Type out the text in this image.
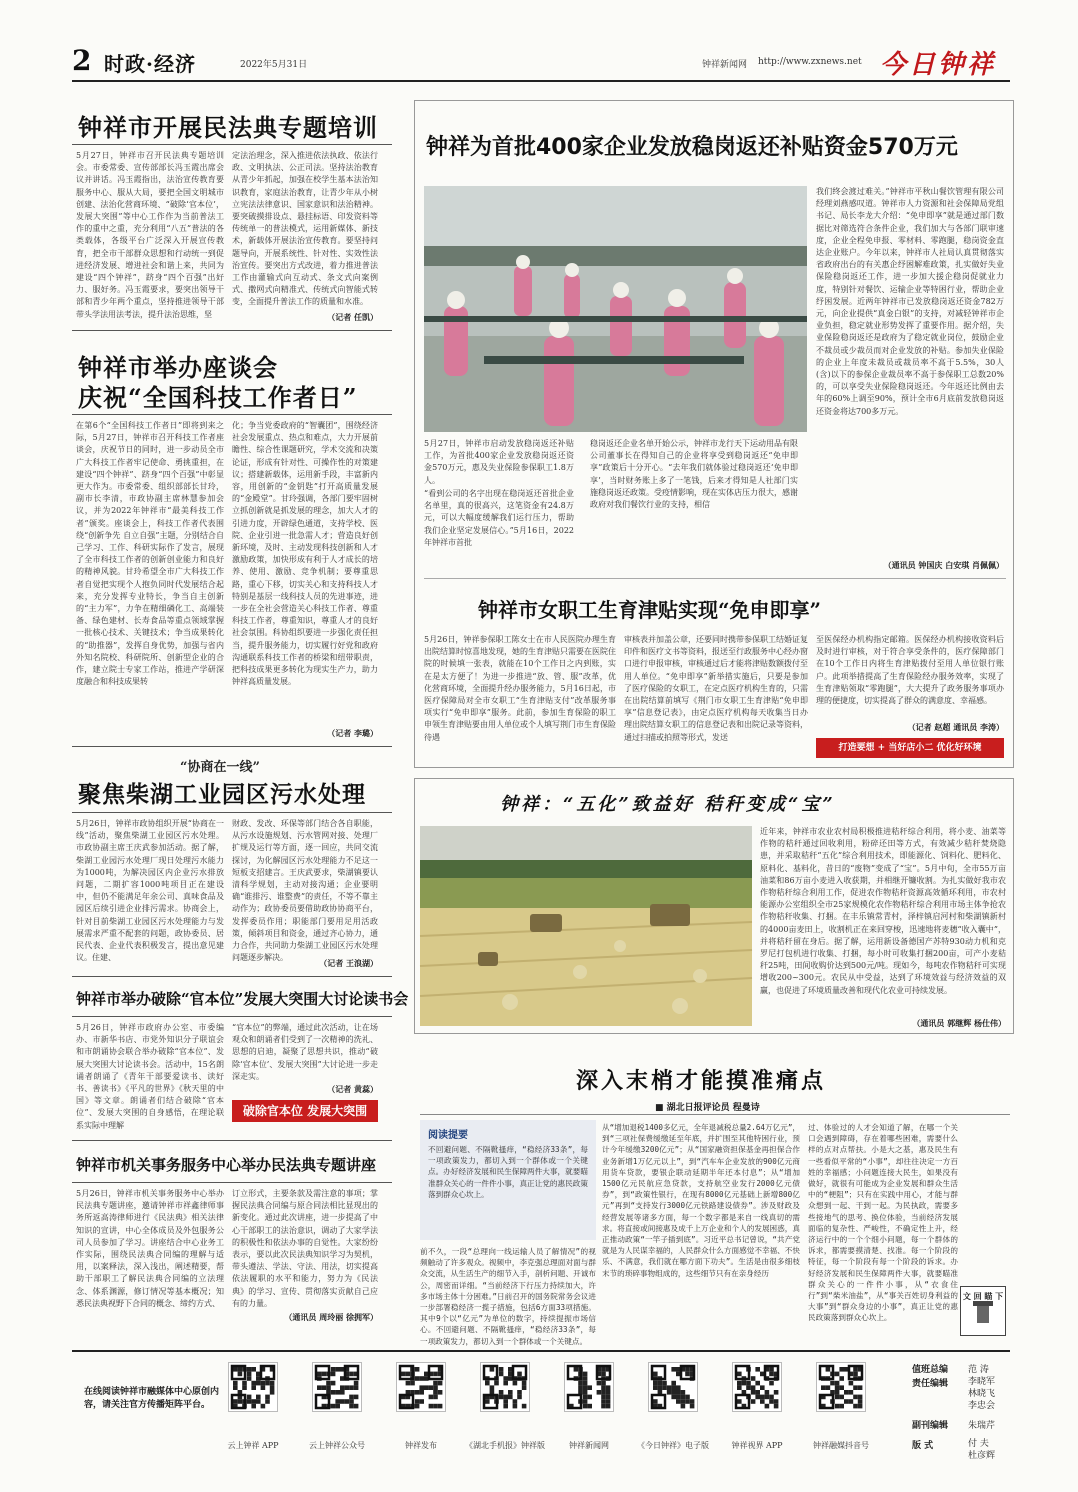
2 时政·经济	2022年5月31日	钟祥新闻网 http://www.zxnews.net 今日钟祥
钟祥市开展民法典专题培训
5月27日，钟祥市召开民法典专题培训会。市委常委、宣传部部长冯玉霞出席会议并讲话。冯玉霞指出，法治宣传教育要服务中心、服从大局，要把全国文明城市创建、法治化营商环境、“破除‘官本位’，发展大突围”等中心工作作为当前普法工作的重中之重，充分利用“八五”普法的各类载体，各级平台广泛深入开展宣传教育，把全市干部群众思想和行动统一到促进经济发展、增进社会和谐上来，共同为建设“四个钟祥”，跻身“四个百强”出好力、服好务。冯玉霞要求，要突出领导干部和青少年两个重点，坚持推进领导干部带头学法用法考法，提升法治思维，坚
定法治理念，深入推进依法执政、依法行政、文明执法、公正司法。坚持法治教育从青少年抓起，加强在校学生基本法治知识教育，家庭法治教育，让青少年从小树立宪法法律意识、国家意识和法治精神。要突破摸排设点、悬挂标语、印发资料等传统单一的普法模式，运用新媒体、新技术，新载体开展法治宣传教育。要坚持问题导向，开展系统性、针对性、实效性法治宣传。要突出方式改进，着力推进普法工作由灌输式向互动式、条文式向案例式、撒网式向精准式、传统式向智能式转变，全面提升普法工作的质量和水准。
（记者 任凯）
钟祥市举办座谈会
庆祝“全国科技工作者日”
在第6个“全国科技工作者日”即将到来之际，5月27日，钟祥市召开科技工作者座谈会，庆祝节日的同时，进一步动员全市广大科技工作者牢记使命、勇挑重担，在建设“四个钟祥”、跻身“四个百强”中彰显更大作为。市委常委、组织部部长甘玲，副市长李清，市政协副主席林慧参加会议，并为2022年钟祥市“最美科技工作者”颁奖。座谈会上，科技工作者代表围绕“创新争先 自立自强”主题，分别结合自己学习、工作、科研实际作了发言，展现了全市科技工作者的创新创业能力和良好的精神风貌。甘玲希望全市广大科技工作者自觉把实现个人抱负同时代发展结合起来，充分发挥专业特长，争当自主创新的“主力军”，力争在精细磷化工、高端装备、绿色建材、长寿食品等重点领域掌握一批核心技术、关键技术；争当成果转化的“助推器”，发挥自身优势，加强与省内外知名院校、科研院所、创新型企业的合作，建立院士专家工作站，推进产学研深度融合和科技成果转
化；争当党委政府的“智囊团”，围绕经济社会发展重点、热点和难点，大力开展前瞻性、综合性课题研究，学术交流和决策论证，形成有针对性、可操作性的对策建议；搭建新载体，运用新手段，丰富新内容，用创新的“金钥匙”打开高质量发展的“金殿堂”。甘玲强调，各部门要牢固树立抓创新就是抓发展的理念，加大人才的引进力度，开辟绿色通道，支持学校、医院、企业引进一批急需人才；营造良好创新环境，及时、主动发现科技创新和人才激励政策，加快形成有利于人才成长的培养、使用、激励、竞争机制；要尊重思路，重心下移，切实关心和支持科技人才特别是基层一线科技人员的先进事迹，进一步在全社会营造关心科技工作者、尊重科技工作者，尊重知识，尊重人才的良好社会氛围。科协组织要进一步强化责任担当，提升服务能力，切实履行好党和政府沟通联系科技工作者的桥梁和纽带职责，把科技成果更多转化为现实生产力，助力钟祥高质量发展。
（记者 李璐）
“协商在一线”
聚焦柴湖工业园区污水处理
5月26日，钟祥市政协组织开展“协商在一线”活动，聚焦柴湖工业园区污水处理。市政协副主席王庆武参加活动。据了解，柴湖工业园污水处理厂现日处理污水能力为1000吨，为解决园区内企业污水排放问题，二期扩容1000吨项目正在建设中，但仍不能满足年余公司、真味食品及园区后续引进企业排污需求。协商会上，针对目前柴湖工业园区污水处理能力与发展需求严重不配套的问题，政协委员、居民代表、企业代表积极发言，提出意见建议。住建、
财政、发改、环保等部门结合各自职能，从污水设施规划、污水管网对接、处理厂扩规及运行等方面，逐一回应，共同交流探讨，为化解园区污水处理能力不足这一短板支招建言。王庆武要求，柴湖镇要认清科学规划，主动对接沟通；企业要明确“谁排污、谁整费”的责任，不等不靠主动作为；政协委员要借助政协协商平台，发挥委员作用；职能部门要用足用活政策，倾斜项目和资金，通过齐心协力，通力合作，共同助力柴湖工业园区污水处理问题逐步解决。
（记者 王浪湖）
钟祥市举办破除“官本位”发展大突围大讨论读书会
5月26日，钟祥市政府办公室、市委编办、市新华书店、市党外知识分子联谊会和市朗诵协会联合举办破除“官本位”、发展大突围大讨论读书会。活动中，15名朗诵者朗诵了《青年干部要爱读书、读好书、善读书》《平凡的世界》《秋天里的中国》等文章。朗诵者们结合破除“官本位”、发展大突围的自身感悟，在理论联系实际中理解
“官本位”的弊端，通过此次活动，让在场观众和朗诵者们受到了一次精神的洗礼、思想的启迪，凝聚了思想共识，推动“破除‘官本位’、发展大突围”大讨论进一步走深走实。
（记者 黄蕊）
破除官本位 发展大突围
钟祥市机关事务服务中心举办民法典专题讲座
5月26日，钟祥市机关事务服务中心举办民法典专题讲座，邀请钟祥市祥鑫律师事务所返高涛律师进行《民法典》相关法律知识的宣讲，中心全体成员及外包服务公司人员参加了学习。讲座结合中心业务工作实际，围绕民法典合同编的理解与适用，以案释法，深入浅出，阐述精要，帮助干部职工了解民法典合同编的立法理念、体系渊源，修订情况等基本概况；知悉民法典视野下合同的概念、缔约方式、
订立形式，主要条款及需注意的事项；掌握民法典合同编与原合同法相比显现出的新变化。通过此次讲座，进一步提高了中心干部职工的法治意识，调动了大家学法的积极性和依法办事的自觉性。大家纷纷表示，要以此次民法典知识学习为契机，带头遵法、学法、守法、用法，切实提高依法履职的水平和能力，努力为《民法典》的学习、宣传、贯彻落实贡献自己应有的力量。
（通讯员 周玲丽 徐拥军）
钟祥为首批400家企业发放稳岗返还补贴资金570万元
5月27日，钟祥市启动发放稳岗返还补贴工作，为首批400家企业发放稳岗返还资金570万元，惠及失业保险参保职工1.8万人。
“看到公司的名字出现在稳岗返还首批企业名单里，真的很高兴，这笔资金有24.8万元，可以大幅度缓解我们运行压力，帮助我们企业坚定发展信心。”5月16日，2022年钟祥市首批
稳岗返还企业名单开始公示，钟祥市龙行天下运动用品有限公司董事长在得知自己的企业将享受到稳岗返还“免申即享”政策后十分开心。“去年我们就体验过稳岗返还‘免申即享’，当时财务账上多了一笔钱，后来才得知是人社部门实施稳岗返还政策。受疫情影响，现在实体店压力很大，感谢政府对我们餐饮行业的支持，相信
我们终会渡过难关。”钟祥市平秋山餐饮管理有限公司经理刘燕感叹道。钟祥市人力资源和社会保障局党组书记、局长李龙大介绍：“免申即享”就是通过部门数据比对筛选符合条件企业，我们加大与各部门联审速度，企业全程免申报、零材料、零跑腿，稳岗资金直达企业账户。今年以来，钟祥市人社局认真贯彻落实省政府出台的有关惠企纾困解难政策，扎实做好失业保险稳岗返还工作，进一步加大援企稳岗促就业力度，特别针对餐饮、运输企业等特困行业，帮助企业纾困发展。近两年钟祥市已发放稳岗返还资金782万元，向企业提供“真金白银”的支持，对减轻钟祥市企业负担，稳定就业形势发挥了重要作用。据介绍，失业保险稳岗返还是政府为了稳定就业岗位，鼓励企业不裁员或少裁员而对企业发放的补贴。参加失业保险的企业上年度未裁员或裁员率不高于5.5%，30人(含)以下的参保企业裁员率不高于参保职工总数20%的，可以享受失业保险稳岗返还。今年返还比例由去年的60%上调至90%，预计全市6月底前发放稳岗返还资金将达700多万元。
（通讯员 钟国庆 白安琪 肖佩佩）
钟祥市女职工生育津贴实现“免申即享”
5月26日，钟祥参保职工陈女士在市人民医院办理生育出院结算时惊喜地发现，她的生育津贴只需要在医院住院的时候填一张表，就能在10个工作日之内到账，实在是太方便了！为进一步推进“放、管、服”改革，优化营商环境，全面提升经办服务能力，5月16日起，市医疗保障局对全市女职工“生育津贴支付”改革服务事项实行“免申即享”服务。此前，参加生育保险的职工申领生育津贴要由用人单位或个人填写荆门市生育保险待遇
审核表并加盖公章，还要同时携带参保职工结婚证复印件和医疗文书等资料，报送至行政服务中心经办窗口进行申报审核，审核通过后才能将津贴数额拨付至用人单位。“免申即享”新举措实施后，只要是参加了医疗保险的女职工，在定点医疗机构生育的，只需在出院结算前填写《荆门市女职工生育津贴“免申即享”信息登记表》，由定点医疗机构每天收集当日办理出院结算女职工的信息登记表和出院记录等资料，通过扫描或拍照等形式，发送
至医保经办机构指定邮箱。医保经办机构接收资料后及时进行审核，对于符合享受条件的，医疗保障部门在10个工作日内将生育津贴拨付至用人单位银行账户。此项举措提高了生育保险经办服务效率，实现了生育津贴领取“零跑腿”，大大提升了政务服务事项办理的便捷度，切实提高了群众的满意度、幸福感。
（记者 赵超 通讯员 李涛）
打造要想 + 当好店小二 优化好环境
钟祥：“五化”致益好 秸秆变成“宝”
近年来，钟祥市农业农村局积极推进秸秆综合利用，将小麦、油菜等作物的秸秆通过回收利用，粉碎还田等方式，有效减少秸秆焚烧隐患，并采取秸秆“五化”综合利用技术，即能源化、饲料化、肥料化、原料化、基料化，昔日的“废物”变成了“宝”。5月中旬，全市55万亩油菜和86万亩小麦进入收获期，并相继开镰收割。为扎实做好我市农作物秸秆综合利用工作，促进农作物秸秆资源高效循环利用，市农村能源办公室组织全市25家规模化农作物秸秆综合利用市场主体争抢农作物秸秆收集、打捆。在丰乐镇常青村，泽梓镇启河村和柴湖镇新村的4000亩麦田上，收割机正在来回穿梭，迅速地将麦穗“收入囊中”，并将秸秆留在身后。据了解，运用新设备德国产苏特930动力机和克罗尼打包机进行收集、打捆，每小时可收集打捆200亩，可产小麦秸秆25吨，田间收购价达到500元/吨。现如今，每吨农作物秸秆可实现增收200~300元。农民从中受益，达到了环境效益与经济效益的双赢，也促进了环境质量改善和现代化农业可持续发展。
（通讯员 郭继辉 杨仕伟）
深入末梢才能摸准痛点
■ 湖北日报评论员 程曼诗
阅读提要
不回避问题、不隔靴搔痒，“稳经济33条”，每一项政策发力，都切入到一个群体或一个关键点。办好经济发展和民生保障两件大事，就要瞄准群众关心的一件件小事，真正让党的惠民政策落到群众心坎上。
前不久，一段“总理向一线运输人员了解情况”的视频触动了许多观众。视频中，李克强总理面对面与群众交流，从生活生产的细节入手，剖析问题、开诚布公，周密而详细。“当前经济下行压力持续加大，许多市场主体十分困难。”日前召开的国务院常务会议进一步部署稳经济一揽子措施，包括6方面33项措施。其中9个以“亿元”为单位的数字，持续提振市场信心。不回避问题、不隔靴搔痒，“稳经济33条”，每一项政策发力，都切入到一个群体或一个关键点。
从“增加退税1400多亿元，全年退减税总量2.64万亿元”，到“三项社保费缓缴延至年底，并扩围至其他特困行业，预计今年缓缴3200亿元”；从“国家融资担保基金再担保合作业务新增1万亿元以上”，到“汽车车企业发放的900亿元商用货车贷款，要银企联动延期半年还本付息”；从“增加1500亿元民航应急贷款，支持航空业发行2000亿元债券”，到“政策性银行，在现有8000亿元基础上新增800亿元”再到“支持发行3000亿元铁路建设债券”。涉及财政及经营发展等诸多方面，每一个数字都是来自一线真切的需求。将直接或间接惠及成千上万企业和个人的发展困惑，真正推动政策“一竿子插到底”。习近平总书记曾说，“共产党就是为人民谋幸福的，人民群众什么方面感觉不幸福、不快乐、不满意，我们就在哪方面下功夫”。生活是由很多细枝末节的琐碎事物组成的，这些细节只有在亲身经历
过、体验过的人才会知道了解，在哪一个关口会遇到障碍，存在着哪些困难，需要什么样的点对点帮扶。小是大之基，惠及民生有一些看似平常的“小事”，却往往决定一方百姓的幸福感；小问题连接大民生，如果没有做好，就很有可能成为企业发展和群众生活中的“梗阻”；只有在实践中用心，才能与群众想到一起、干到一起。为民执政，需要多些接地气的思考、换位体验，当前经济发展面临的复杂性、严峻性，不确定性上升，经济运行中的一个个细小问题，每一个群体的诉求，都需要摸清楚、找准。每一个阶段的特征，每一个阶段有每一个阶段的诉求。办好经济发展和民生保障两件大事，就要瞄准群众关心的一件件小事，从“衣食住行”到“柴米油盐”，从“事关百姓切身利益的大事”到“群众身边的小事”，真正让党的惠民政策落到群众心坎上。
文 回 瞄 下
在线阅读钟祥市融媒体中心原创内容，请关注官方传播矩阵平台。
云上钟祥 APP	云上钟祥公众号	钟祥发布	《湖北手机报》钟祥版	钟祥新闻网	《今日钟祥》电子版	钟祥视界 APP	钟祥融媒抖音号
值班总编 范 涛
责任编辑 李晓军
林晓飞
李忠会
副刊编辑 朱瑞芹
版 式	付 夫
杜彦辉
